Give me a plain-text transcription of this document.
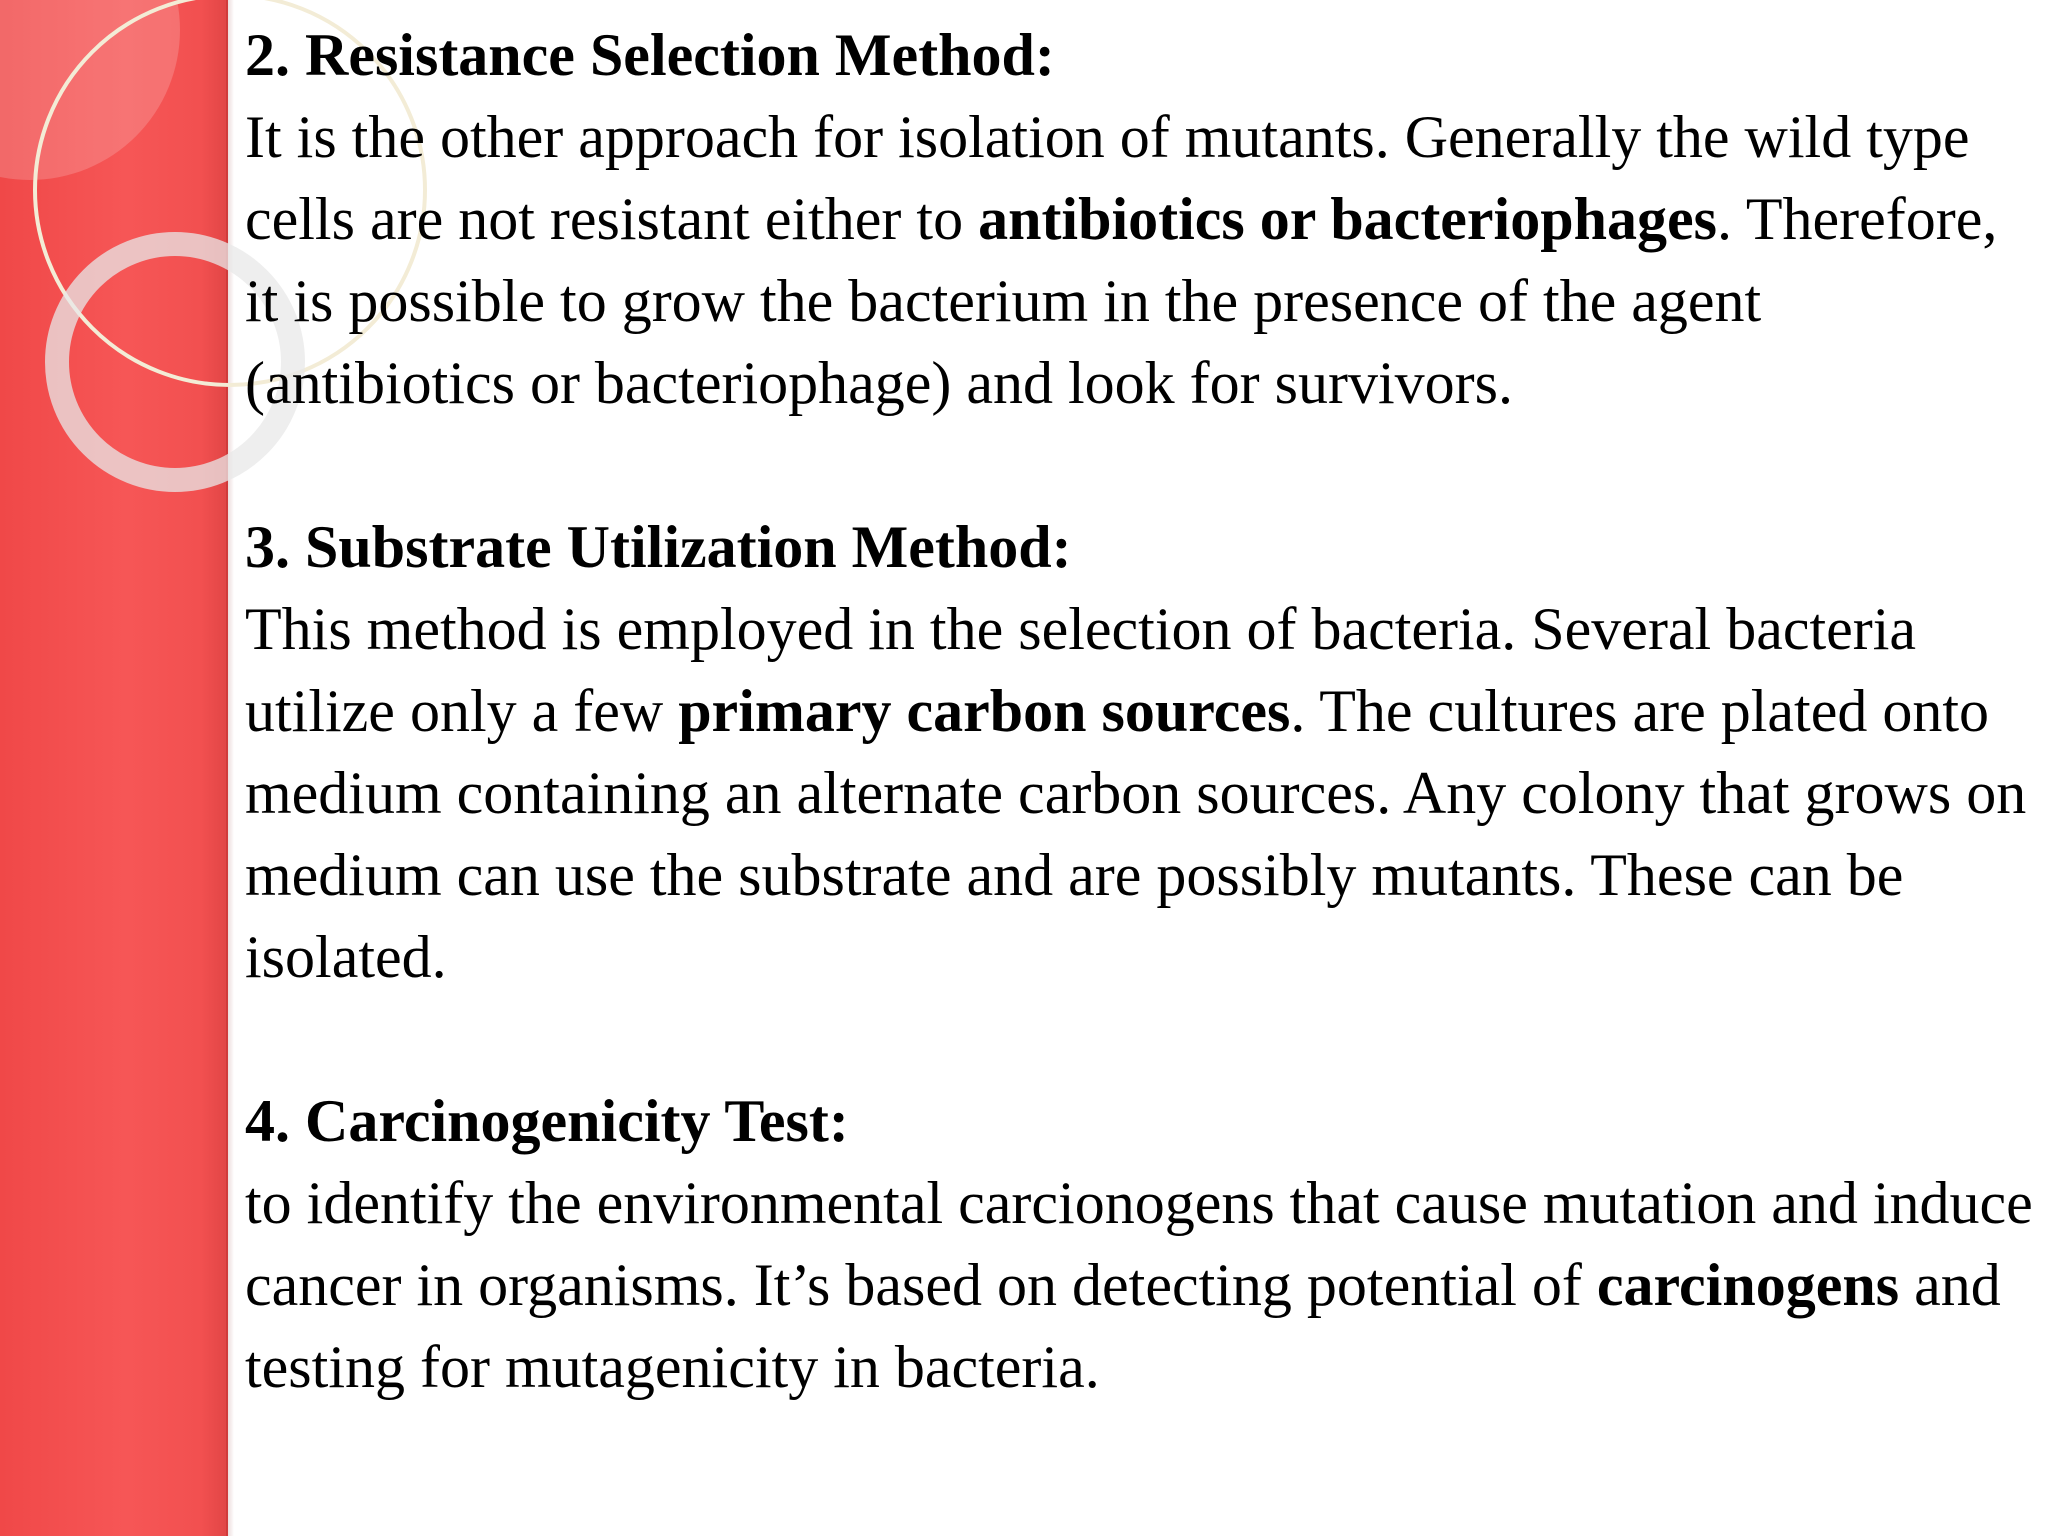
2. Resistance Selection Method:
It is the other approach for isolation of mutants. Generally the wild type cells are not resistant either to antibiotics or bacteriophages. Therefore, it is possible to grow the bacterium in the presence of the agent (antibiotics or bacteriophage) and look for survivors.
3. Substrate Utilization Method:
This method is employed in the selection of bacteria. Several bacteria utilize only a few primary carbon sources. The cultures are plated onto medium containing an alternate carbon sources. Any colony that grows on medium can use the substrate and are possibly mutants. These can be isolated.
4. Carcinogenicity Test:
to identify the environmental carcionogens that cause mutation and induce cancer in organisms. It’s based on detecting potential of carcinogens and testing for mutagenicity in bacteria.
